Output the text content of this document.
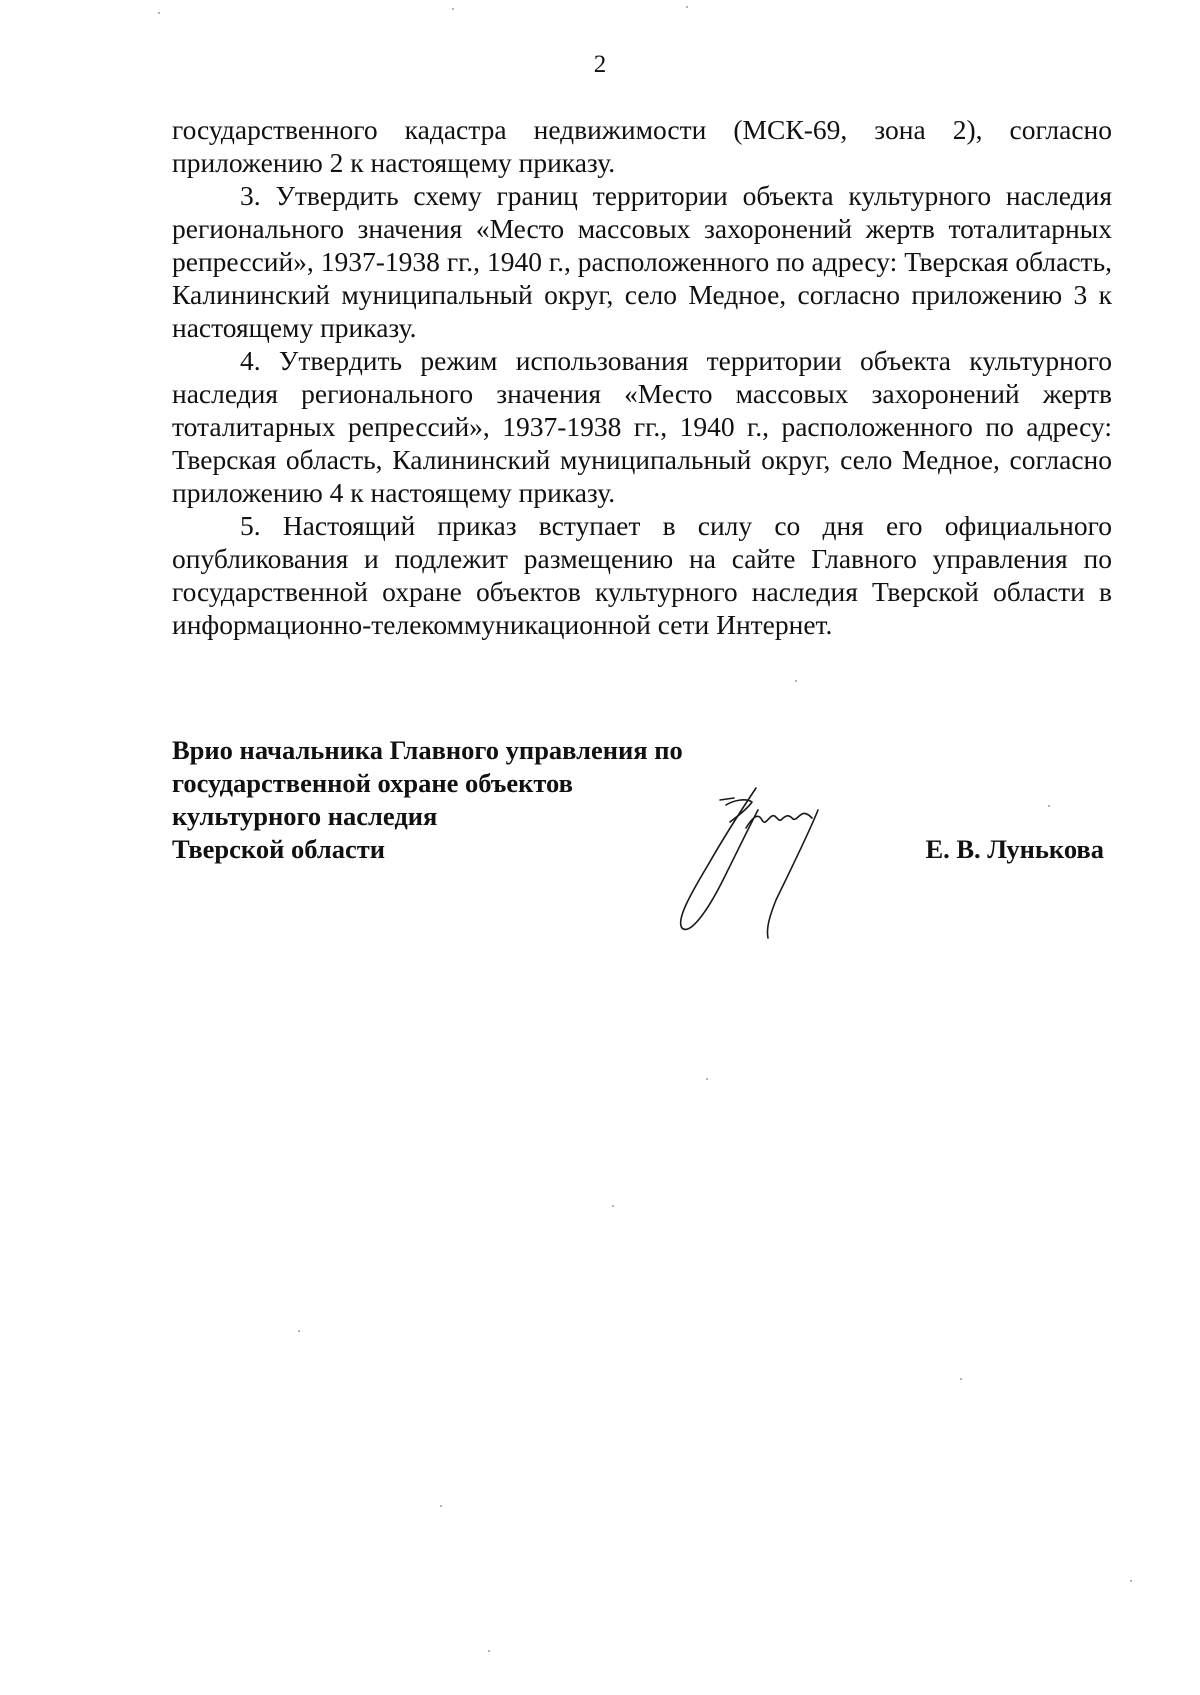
2

государственного кадастра недвижимости (МСК-69, зона 2), согласно приложению 2 к настоящему приказу.

3. Утвердить схему границ территории объекта культурного наследия регионального значения «Место массовых захоронений жертв тоталитарных репрессий», 1937-1938 гг., 1940 г., расположенного по адресу: Тверская область, Калининский муниципальный округ, село Медное, согласно приложению 3 к настоящему приказу.

4. Утвердить режим использования территории объекта культурного наследия регионального значения «Место массовых захоронений жертв тоталитарных репрессий», 1937-1938 гг., 1940 г., расположенного по адресу: Тверская область, Калининский муниципальный округ, село Медное, согласно приложению 4 к настоящему приказу.

5. Настоящий приказ вступает в силу со дня его официального опубликования и подлежит размещению на сайте Главного управления по государственной охране объектов культурного наследия Тверской области в информационно-телекоммуникационной сети Интернет.

Врио начальника Главного управления по
государственной охране объектов
культурного наследия
Тверской области	Е. В. Лунькова
